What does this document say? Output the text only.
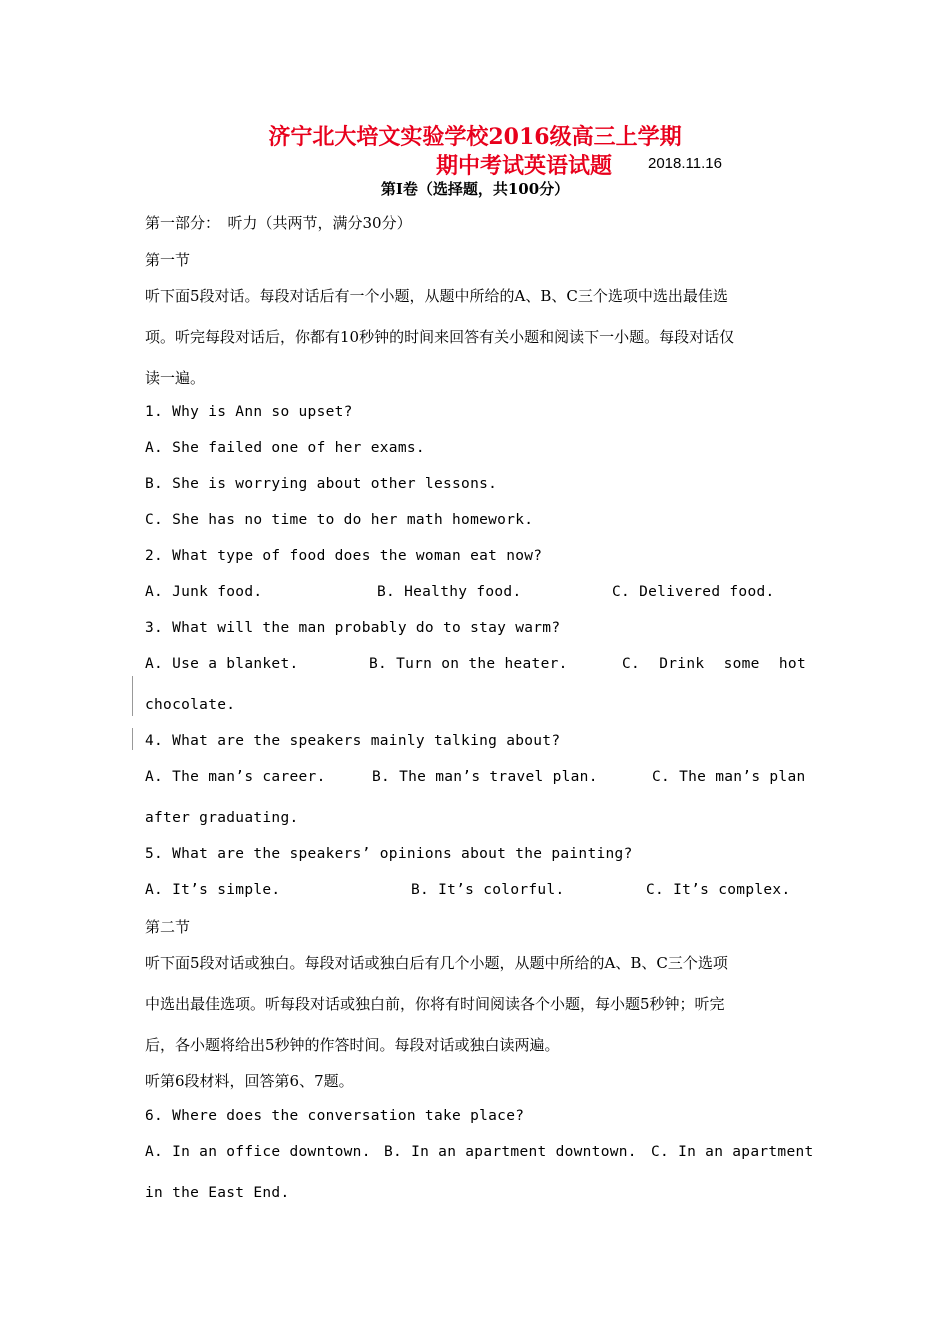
济宁北大培文实验学校2016级高三上学期
期中考试英语试题 2018.11.16
第Ⅰ卷（选择题，共100分）
第一部分：　听力（共两节，满分30分）
第一节
听下面5段对话。每段对话后有一个小题，从题中所给的A、B、C三个选项中选出最佳选
项。听完每段对话后，你都有10秒钟的时间来回答有关小题和阅读下一小题。每段对话仅
读一遍。
1. Why is Ann so upset?
A. She failed one of her exams.
B. She is worrying about other lessons.
C. She has no time to do her math homework.
2. What type of food does the woman eat now?
A. Junk food.	B. Healthy food.	C. Delivered food.
3. What will the man probably do to stay warm?
A. Use a blanket.	B. Turn on the heater.	C. Drink some hot
chocolate.
4. What are the speakers mainly talking about?
A. The man’s career.	B. The man’s travel plan.	C. The man’s plan
after graduating.
5. What are the speakers’ opinions about the painting?
A. It’s simple.	B. It’s colorful.	C. It’s complex.
第二节
听下面5段对话或独白。每段对话或独白后有几个小题，从题中所给的A、B、C三个选项
中选出最佳选项。听每段对话或独白前，你将有时间阅读各个小题，每小题5秒钟；听完
后，各小题将给出5秒钟的作答时间。每段对话或独白读两遍。
听第6段材料，回答第6、7题。
6. Where does the conversation take place?
A. In an office downtown. B. In an apartment downtown. C. In an apartment
in the East End.
